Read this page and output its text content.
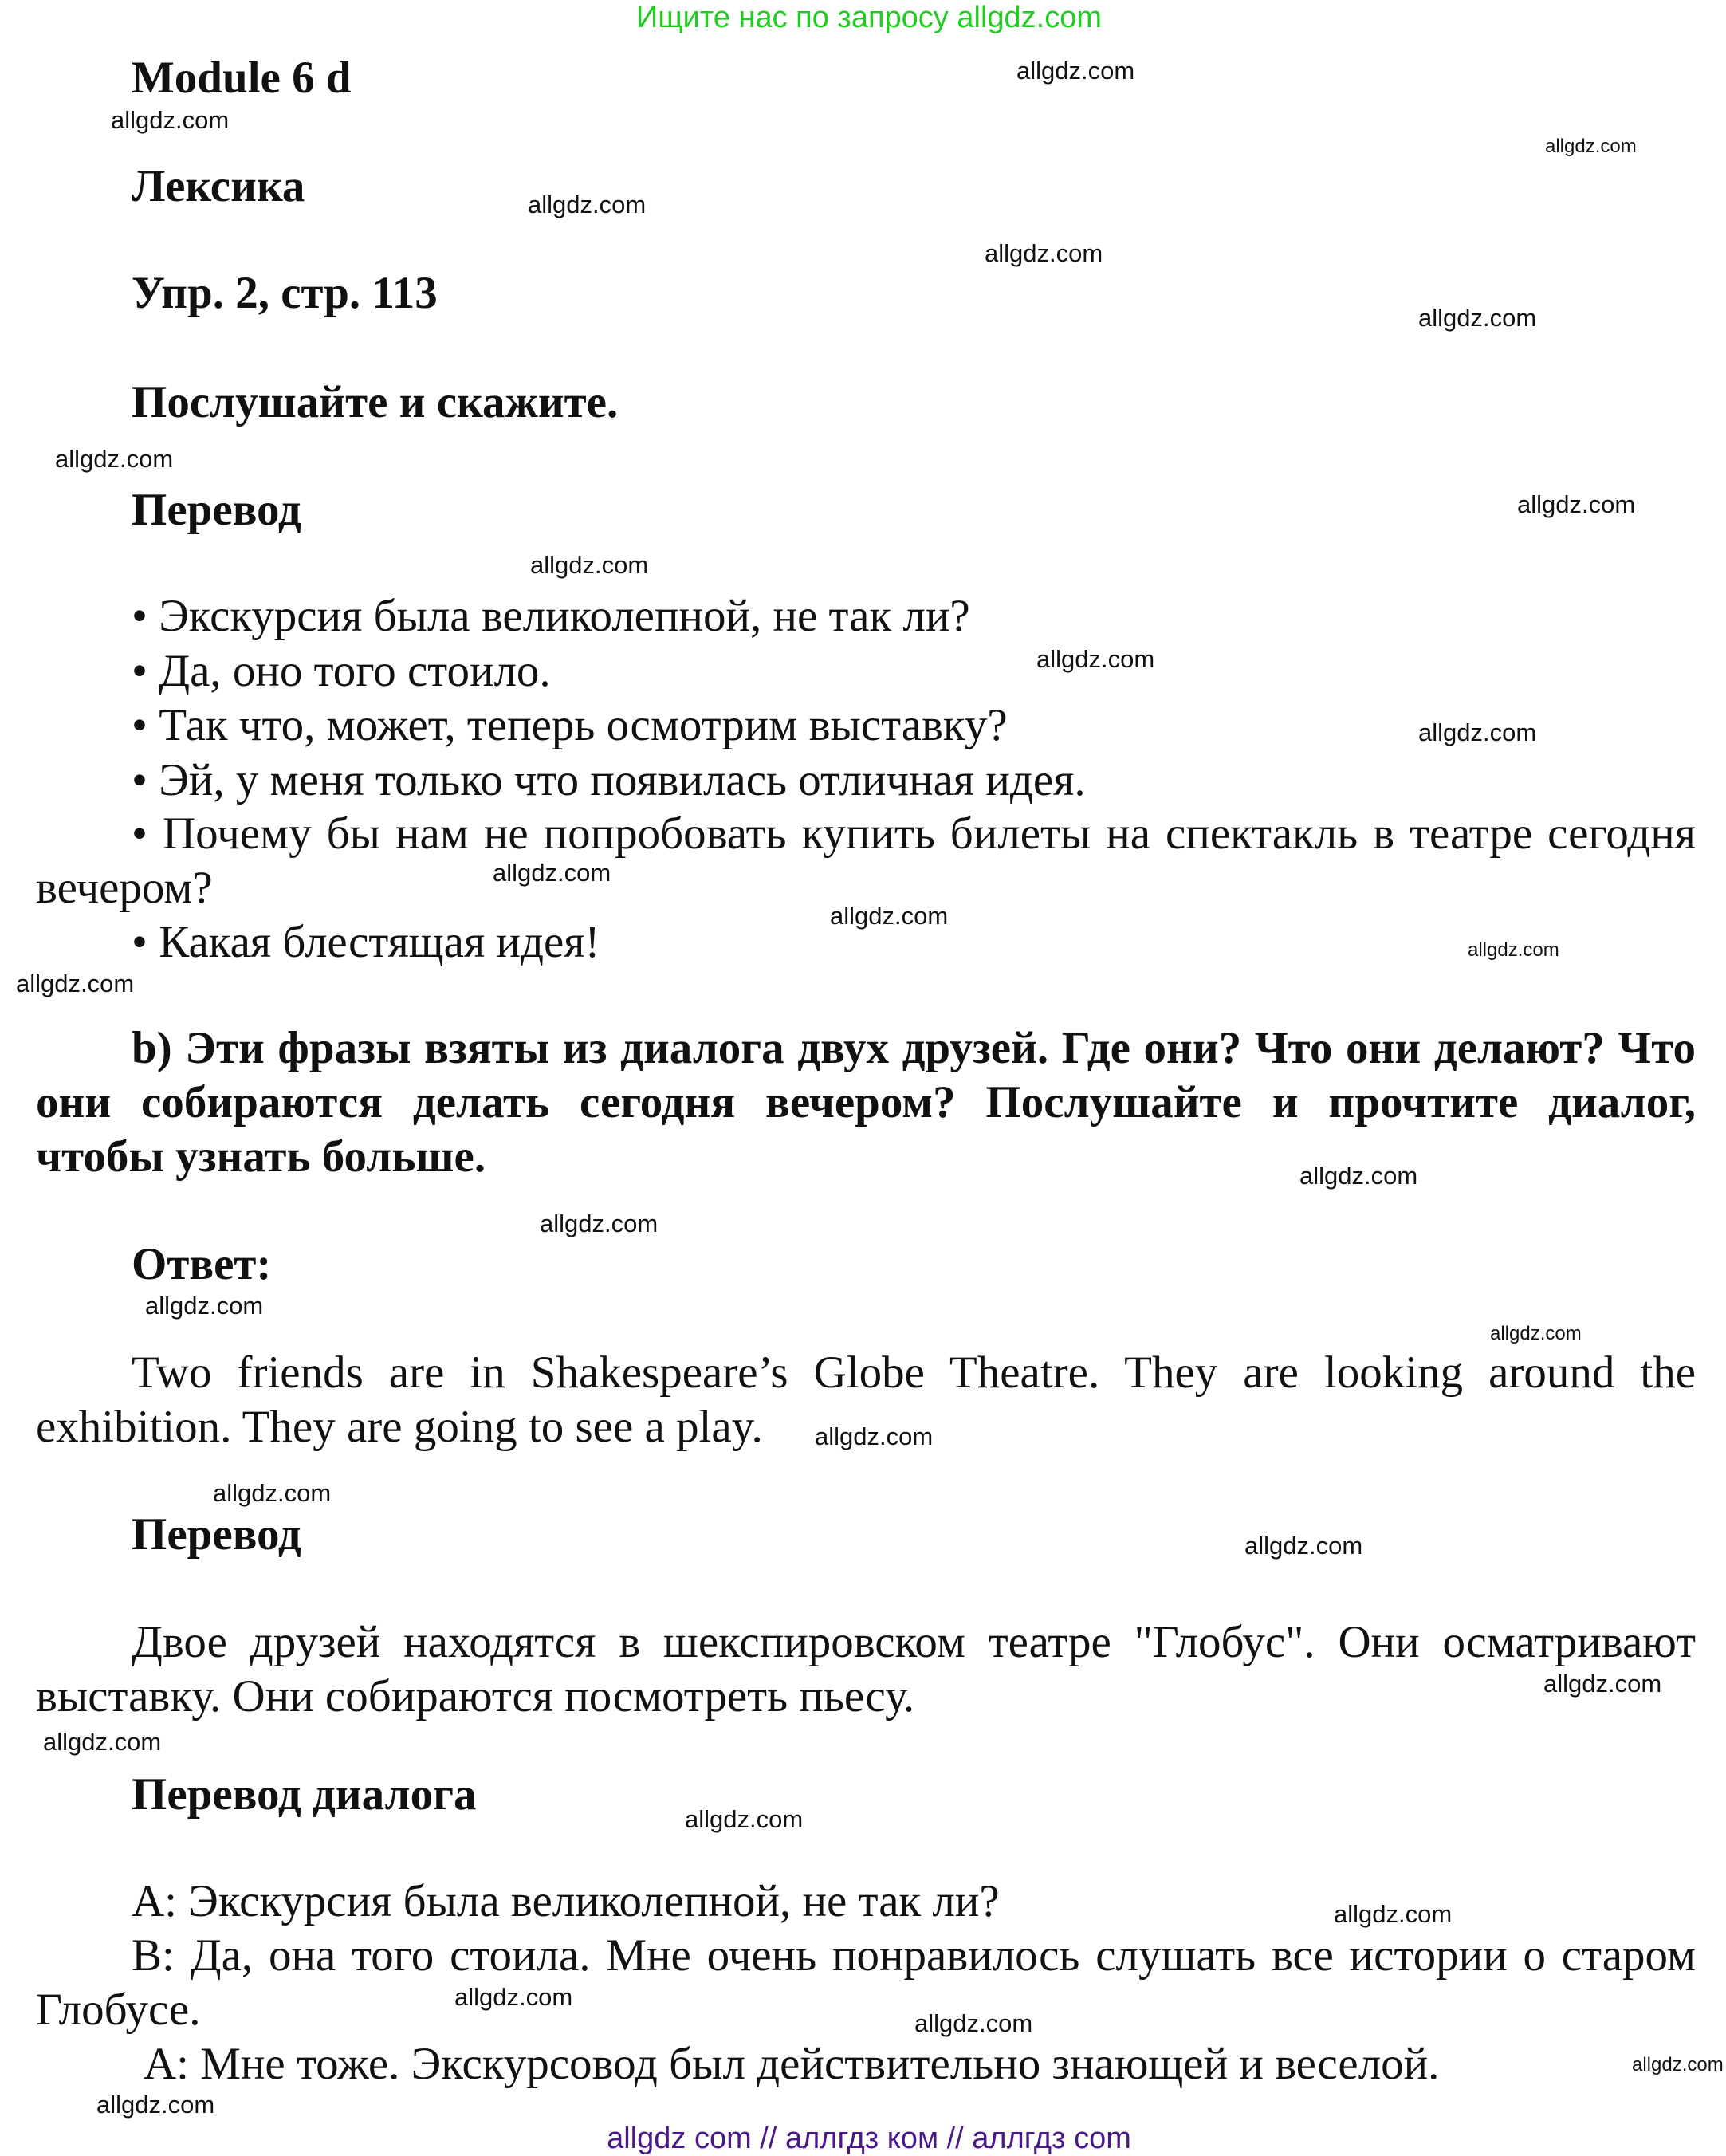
Ищите нас по запросу allgdz.com
Module 6 d
Лексика
Упр. 2, стр. 113
Послушайте и скажите.
Перевод
• Экскурсия была великолепной, не так ли?
• Да, оно того стоило.
• Так что, может, теперь осмотрим выставку?
• Эй, у меня только что появилась отличная идея.
• Почему бы нам не попробовать купить билеты на спектакль в театре сегодня
вечером?
• Какая блестящая идея!
b) Эти фразы взяты из диалога двух друзей. Где они? Что они делают? Что
они собираются делать сегодня вечером? Послушайте и прочтите диалог,
чтобы узнать больше.
Ответ:
Two friends are in Shakespeare’s Globe Theatre. They are looking around the
exhibition. They are going to see a play.
Перевод
Двое друзей находятся в шекспировском театре "Глобус". Они осматривают
выставку. Они собираются посмотреть пьесу.
Перевод диалога
А: Экскурсия была великолепной, не так ли?
В: Да, она того стоила. Мне очень понравилось слушать все истории о старом
Глобусе.
А: Мне тоже. Экскурсовод был действительно знающей и веселой.
allgdz.com
allgdz.com
allgdz.com
allgdz.com
allgdz.com
allgdz.com
allgdz.com
allgdz.com
allgdz.com
allgdz.com
allgdz.com
allgdz.com
allgdz.com
allgdz.com
allgdz.com
allgdz.com
allgdz.com
allgdz.com
allgdz.com
allgdz.com
allgdz.com
allgdz.com
allgdz.com
allgdz.com
allgdz.com
allgdz.com
allgdz.com
allgdz.com
allgdz.com
allgdz.com
allgdz com // аллгдз ком // аллгдз com
